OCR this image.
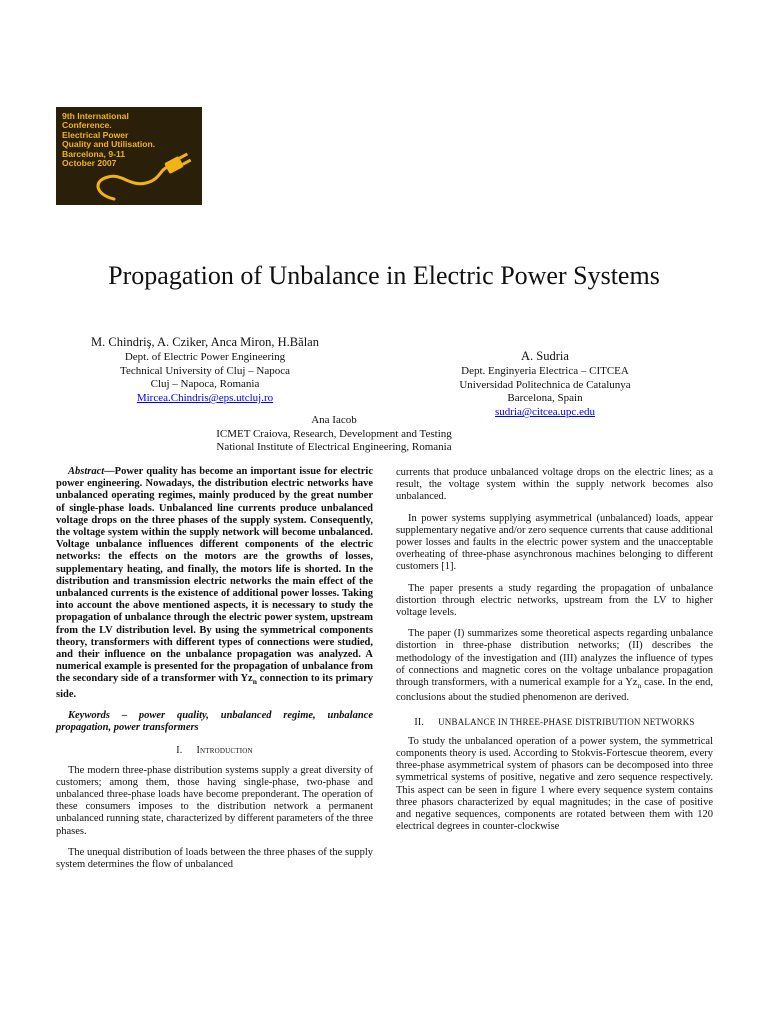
9th International
Conference.
Electrical Power
Quality and Utilisation.
Barcelona, 9-11
October 2007
Propagation of Unbalance in Electric Power Systems
M. Chindriş, A. Cziker, Anca Miron, H.Bălan
Dept. of Electric Power Engineering
Technical University of Cluj – Napoca
Cluj – Napoca, Romania
Mircea.Chindris@eps.utcluj.ro
A. Sudria
Dept. Enginyeria Electrica – CITCEA
Universidad Politechnica de Catalunya
Barcelona, Spain
sudria@citcea.upc.edu
Ana Iacob
ICMET Craiova, Research, Development and Testing
National Institute of Electrical Engineering, Romania

Abstract—Power quality has become an important issue for electric power engineering. Nowadays, the distribution electric networks have unbalanced operating regimes, mainly produced by the great number of single-phase loads. Unbalanced line currents produce unbalanced voltage drops on the three phases of the supply system. Consequently, the voltage system within the supply network will become unbalanced. Voltage unbalance influences different components of the electric networks: the effects on the motors are the growths of losses, supplementary heating, and finally, the motors life is shorted. In the distribution and transmission electric networks the main effect of the unbalanced currents is the existence of additional power losses. Taking into account the above mentioned aspects, it is necessary to study the propagation of unbalance through the electric power system, upstream from the LV distribution level. By using the symmetrical components theory, transformers with different types of connections were studied, and their influence on the unbalance propagation was analyzed. A numerical example is presented for the propagation of unbalance from the secondary side of a transformer with $Yz_n$ connection to its primary side.

Keywords – power quality, unbalanced regime, unbalance propagation, power transformers

I. Introduction

The modern three-phase distribution systems supply a great diversity of customers; among them, those having single-phase, two-phase and unbalanced three-phase loads have become preponderant. The operation of these consumers imposes to the distribution network a permanent unbalanced running state, characterized by different parameters of the three phases.

The unequal distribution of loads between the three phases of the supply system determines the flow of unbalanced

currents that produce unbalanced voltage drops on the electric lines; as a result, the voltage system within the supply network becomes also unbalanced.

In power systems supplying asymmetrical (unbalanced) loads, appear supplementary negative and/or zero sequence currents that cause additional power losses and faults in the electric power system and the unacceptable overheating of three-phase asynchronous machines belonging to different customers [1].

The paper presents a study regarding the propagation of unbalance distortion through electric networks, upstream from the LV to higher voltage levels.

The paper (I) summarizes some theoretical aspects regarding unbalance distortion in three-phase distribution networks; (II) describes the methodology of the investigation and (III) analyzes the influence of types of connections and magnetic cores on the voltage unbalance propagation through transformers, with a numerical example for a $Yz_n$ case. In the end, conclusions about the studied phenomenon are derived.

II. UNBALANCE IN THREE-PHASE DISTRIBUTION NETWORKS

To study the unbalanced operation of a power system, the symmetrical components theory is used. According to Stokvis-Fortescue theorem, every three-phase asymmetrical system of phasors can be decomposed into three symmetrical systems of positive, negative and zero sequence respectively. This aspect can be seen in figure 1 where every sequence system contains three phasors characterized by equal magnitudes; in the case of positive and negative sequences, components are rotated between them with 120 electrical degrees in counter-clockwise
